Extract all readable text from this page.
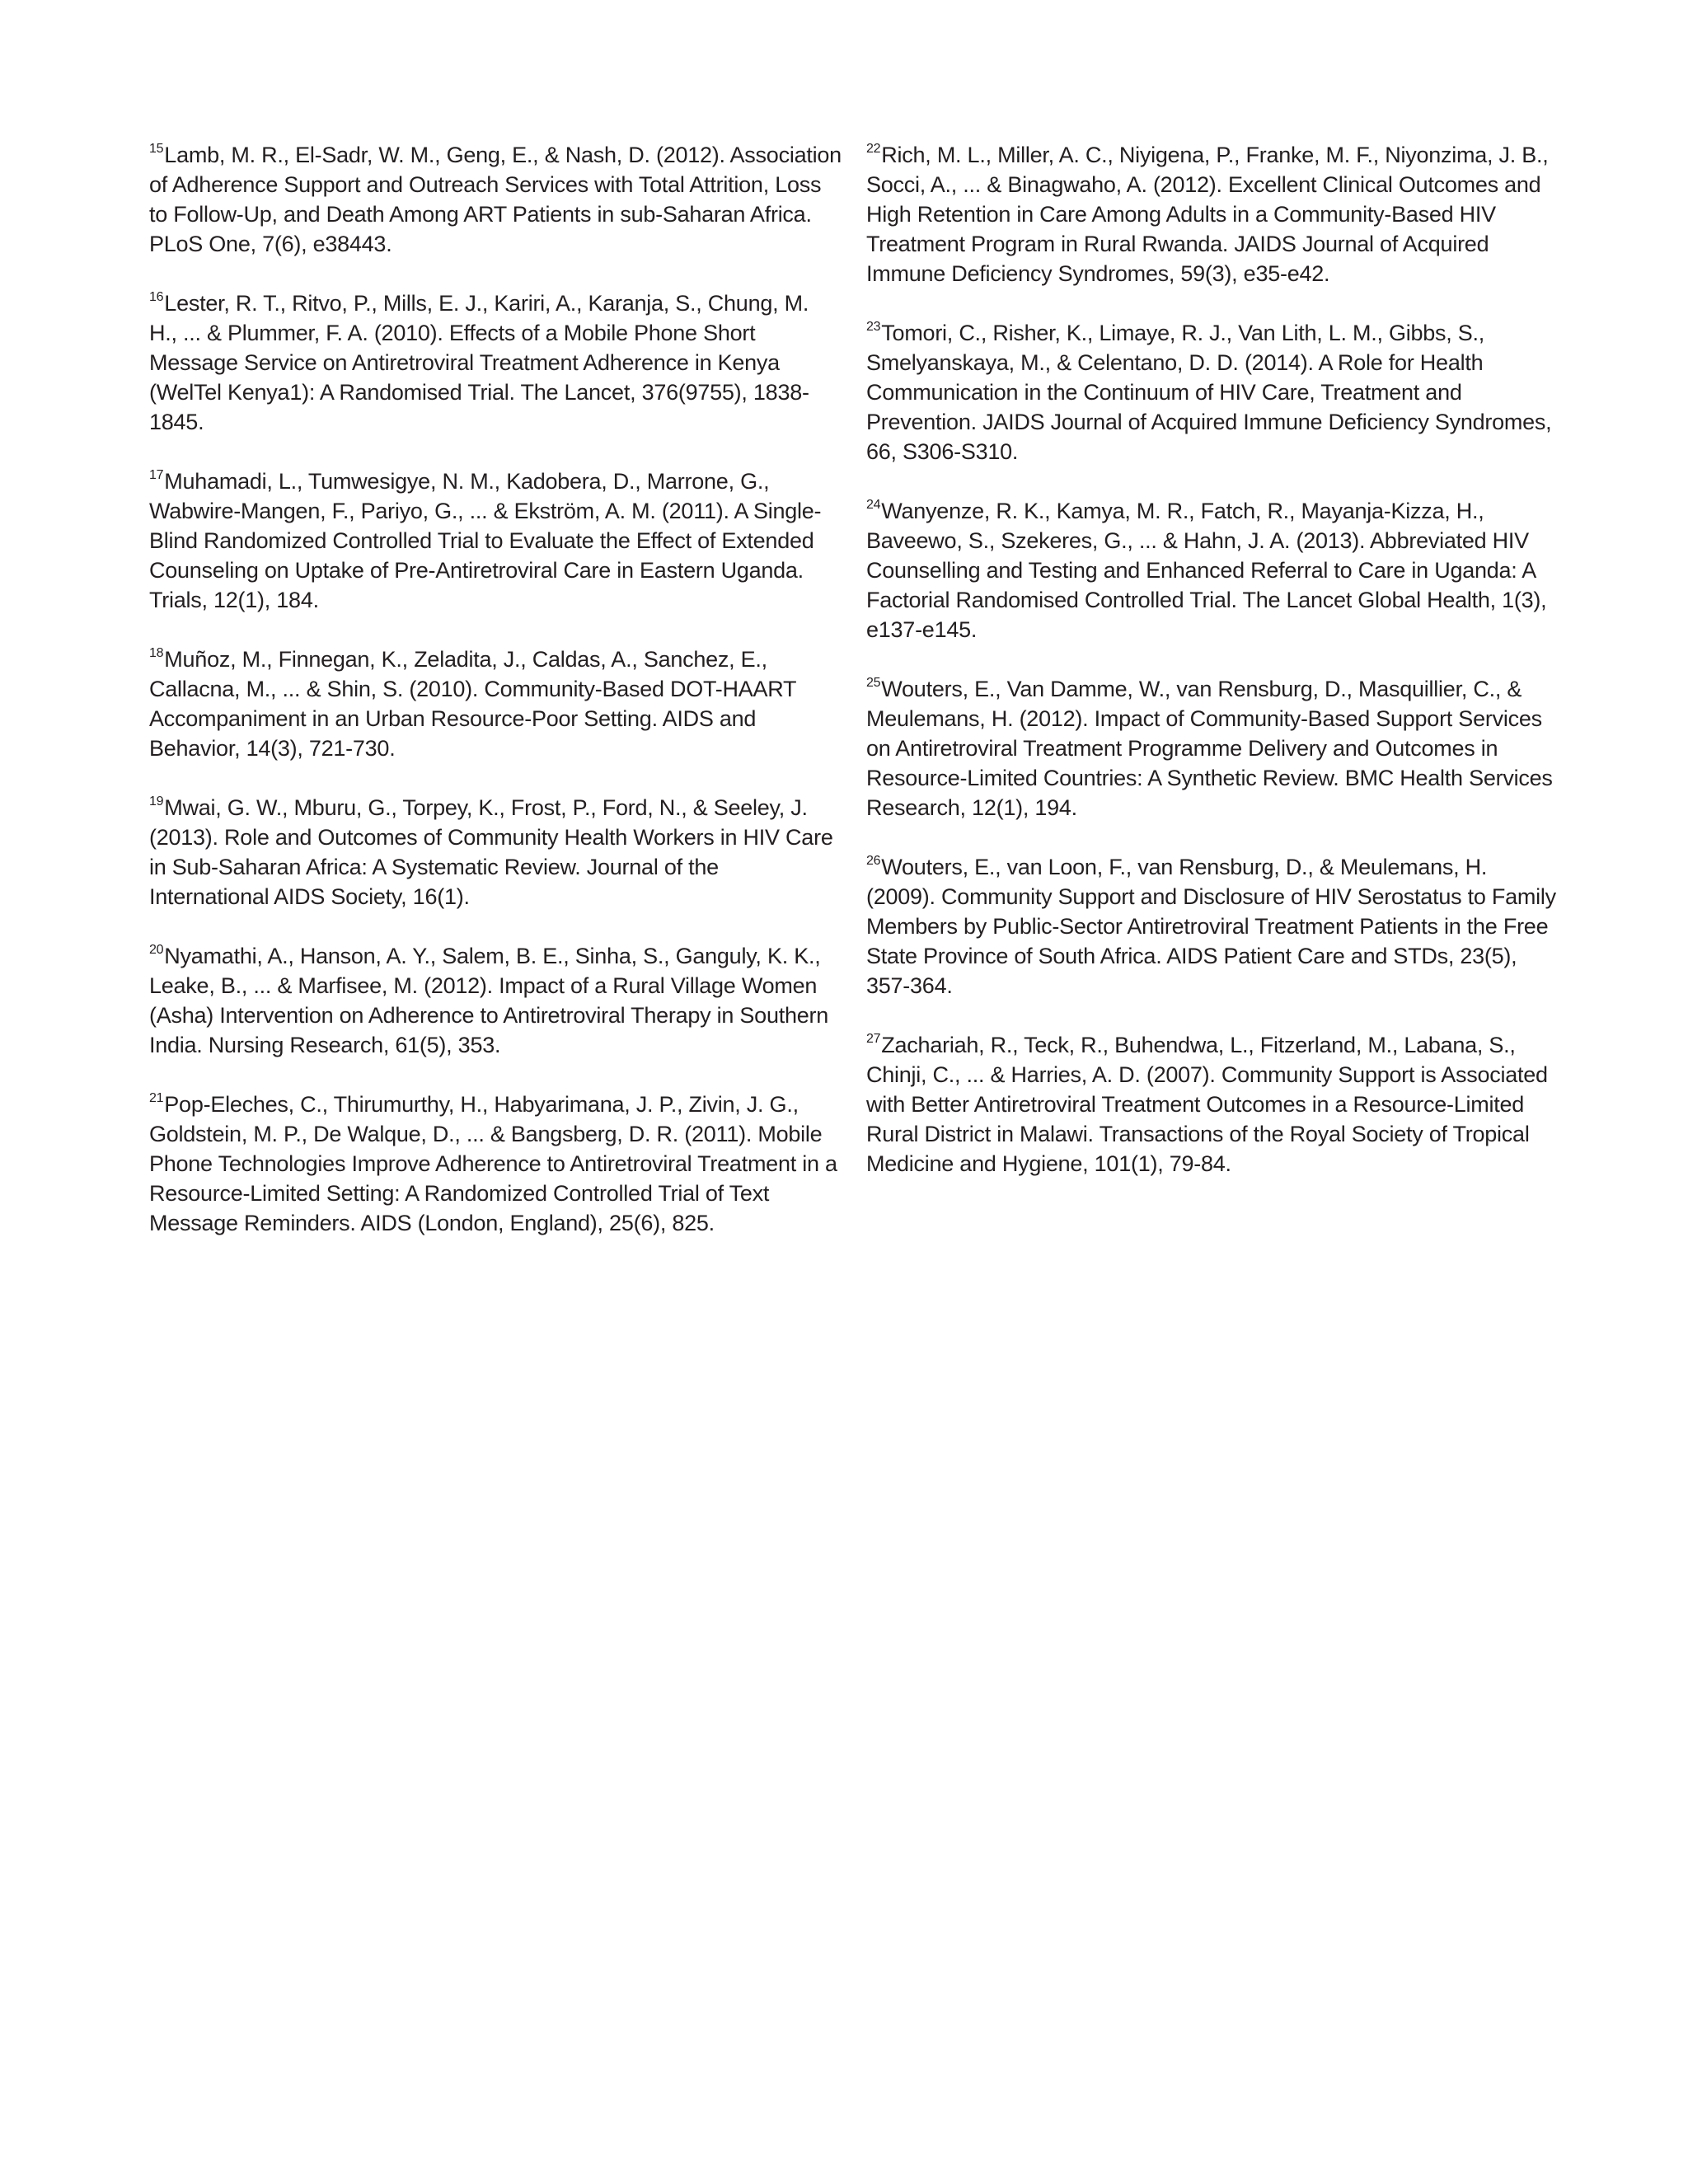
$^{15}$Lamb, M. R., El-Sadr, W. M., Geng, E., & Nash, D. (2012). Association of Adherence Support and Outreach Services with Total Attrition, Loss to Follow-Up, and Death Among ART Patients in sub-Saharan Africa. PLoS One, 7(6), e38443.

$^{16}$Lester, R. T., Ritvo, P., Mills, E. J., Kariri, A., Karanja, S., Chung, M. H., ... & Plummer, F. A. (2010). Effects of a Mobile Phone Short Message Service on Antiretroviral Treatment Adherence in Kenya (WelTel Kenya1): A Randomised Trial. The Lancet, 376(9755), 1838-1845.

$^{17}$Muhamadi, L., Tumwesigye, N. M., Kadobera, D., Marrone, G., Wabwire-Mangen, F., Pariyo, G., ... & Ekström, A. M. (2011). A Single-Blind Randomized Controlled Trial to Evaluate the Effect of Extended Counseling on Uptake of Pre-Antiretroviral Care in Eastern Uganda. Trials, 12(1), 184.

$^{18}$Muñoz, M., Finnegan, K., Zeladita, J., Caldas, A., Sanchez, E., Callacna, M., ... & Shin, S. (2010). Community-Based DOT-HAART Accompaniment in an Urban Resource-Poor Setting. AIDS and Behavior, 14(3), 721-730.

$^{19}$Mwai, G. W., Mburu, G., Torpey, K., Frost, P., Ford, N., & Seeley, J. (2013). Role and Outcomes of Community Health Workers in HIV Care in Sub-Saharan Africa: A Systematic Review. Journal of the International AIDS Society, 16(1).

$^{20}$Nyamathi, A., Hanson, A. Y., Salem, B. E., Sinha, S., Ganguly, K. K., Leake, B., ... & Marfisee, M. (2012). Impact of a Rural Village Women (Asha) Intervention on Adherence to Antiretroviral Therapy in Southern India. Nursing Research, 61(5), 353.

$^{21}$Pop-Eleches, C., Thirumurthy, H., Habyarimana, J. P., Zivin, J. G., Goldstein, M. P., De Walque, D., ... & Bangsberg, D. R. (2011). Mobile Phone Technologies Improve Adherence to Antiretroviral Treatment in a Resource-Limited Setting: A Randomized Controlled Trial of Text Message Reminders. AIDS (London, England), 25(6), 825.

$^{22}$Rich, M. L., Miller, A. C., Niyigena, P., Franke, M. F., Niyonzima, J. B., Socci, A., ... & Binagwaho, A. (2012). Excellent Clinical Outcomes and High Retention in Care Among Adults in a Community-Based HIV Treatment Program in Rural Rwanda. JAIDS Journal of Acquired Immune Deficiency Syndromes, 59(3), e35-e42.

$^{23}$Tomori, C., Risher, K., Limaye, R. J., Van Lith, L. M., Gibbs, S., Smelyanskaya, M., & Celentano, D. D. (2014). A Role for Health Communication in the Continuum of HIV Care, Treatment and Prevention. JAIDS Journal of Acquired Immune Deficiency Syndromes, 66, S306-S310.

$^{24}$Wanyenze, R. K., Kamya, M. R., Fatch, R., Mayanja-Kizza, H., Baveewo, S., Szekeres, G., ... & Hahn, J. A. (2013). Abbreviated HIV Counselling and Testing and Enhanced Referral to Care in Uganda: A Factorial Randomised Controlled Trial. The Lancet Global Health, 1(3), e137-e145.

$^{25}$Wouters, E., Van Damme, W., van Rensburg, D., Masquillier, C., & Meulemans, H. (2012). Impact of Community-Based Support Services on Antiretroviral Treatment Programme Delivery and Outcomes in Resource-Limited Countries: A Synthetic Review. BMC Health Services Research, 12(1), 194.

$^{26}$Wouters, E., van Loon, F., van Rensburg, D., & Meulemans, H. (2009). Community Support and Disclosure of HIV Serostatus to Family Members by Public-Sector Antiretroviral Treatment Patients in the Free State Province of South Africa. AIDS Patient Care and STDs, 23(5), 357-364.

$^{27}$Zachariah, R., Teck, R., Buhendwa, L., Fitzerland, M., Labana, S., Chinji, C., ... & Harries, A. D. (2007). Community Support is Associated with Better Antiretroviral Treatment Outcomes in a Resource-Limited Rural District in Malawi. Transactions of the Royal Society of Tropical Medicine and Hygiene, 101(1), 79-84.
